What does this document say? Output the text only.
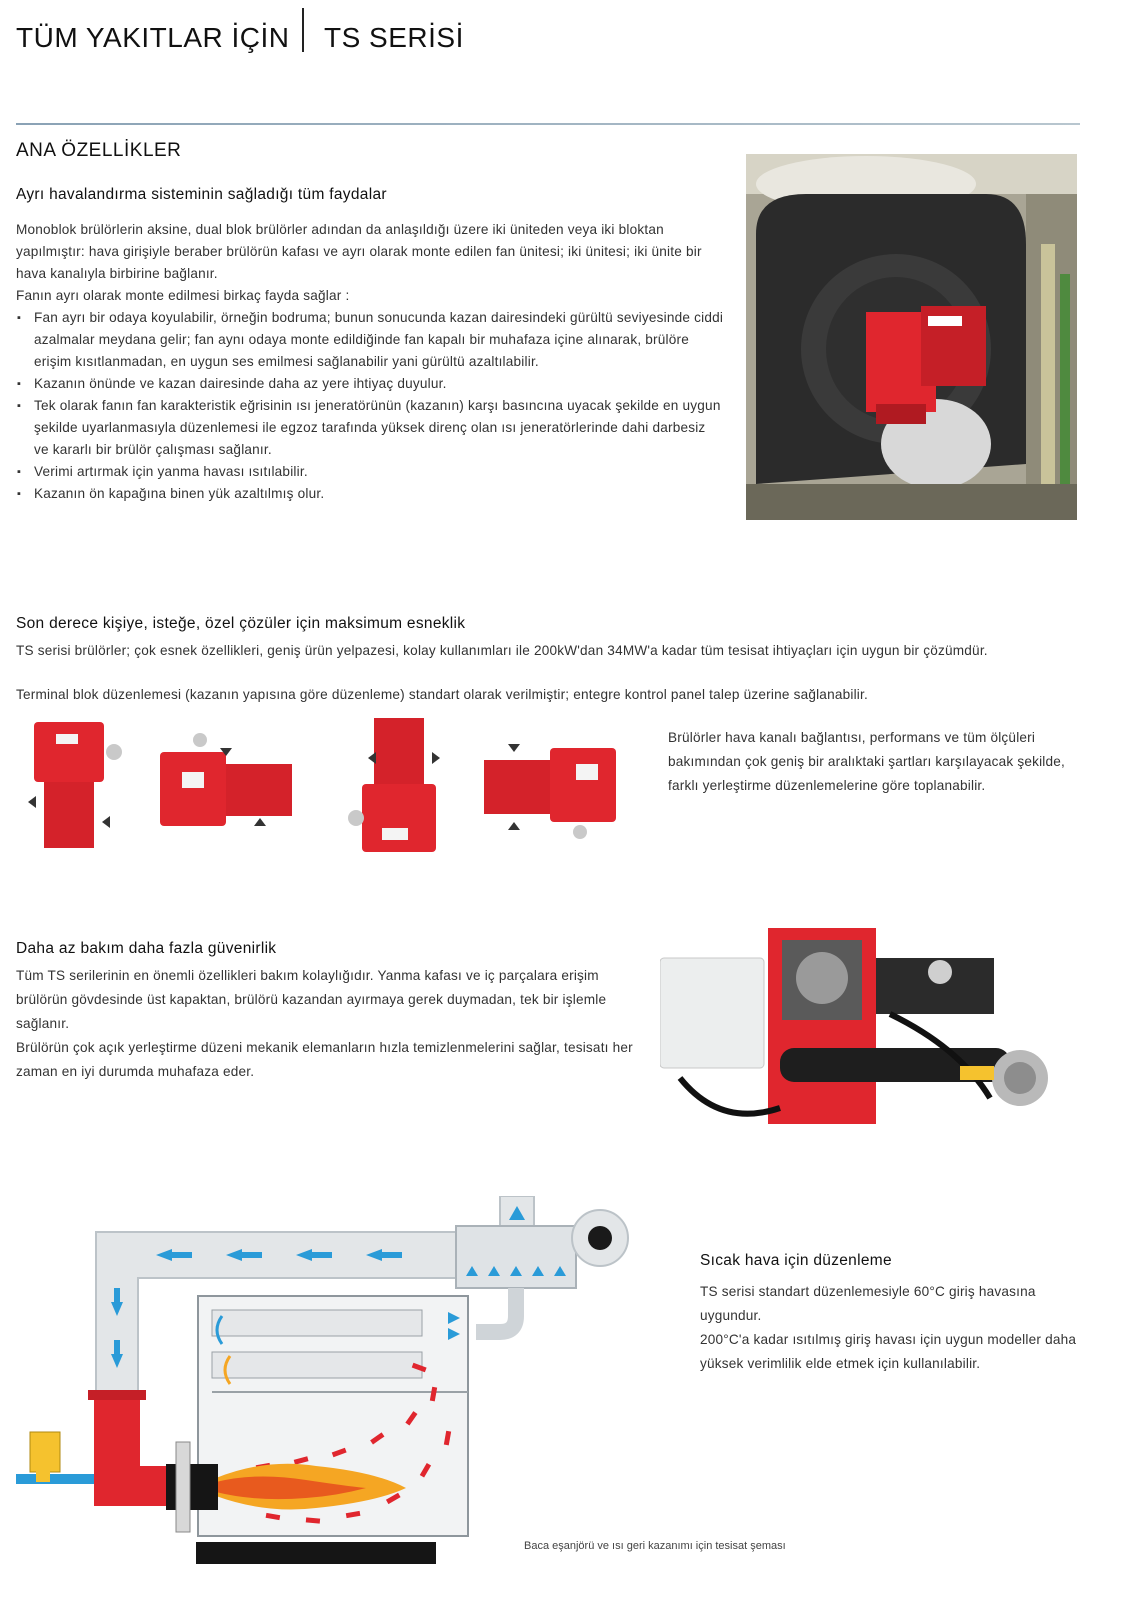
TÜM YAKITLAR İÇİN TS SERİSİ
ANA ÖZELLİKLER
Ayrı havalandırma sisteminin sağladığı tüm faydalar
Monoblok brülörlerin aksine, dual blok brülörler adından da anlaşıldığı üzere iki üniteden veya iki bloktan yapılmıştır: hava girişiyle beraber brülörün kafası ve ayrı olarak monte edilen fan ünitesi; iki ünitesi; iki ünite bir hava kanalıyla birbirine bağlanır.
Fanın ayrı olarak monte edilmesi birkaç fayda sağlar :
▪ Fan ayrı bir odaya koyulabilir, örneğin bodruma; bunun sonucunda kazan dairesindeki gürültü seviyesinde ciddi azalmalar meydana gelir; fan aynı odaya monte edildiğinde fan kapalı bir muhafaza içine alınarak, brülöre erişim kısıtlanmadan, en uygun ses emilmesi sağlanabilir yani gürültü azaltılabilir.
▪ Kazanın önünde ve kazan dairesinde daha az yere ihtiyaç duyulur.
▪ Tek olarak fanın fan karakteristik eğrisinin ısı jeneratörünün (kazanın) karşı basıncına uyacak şekilde en uygun şekilde uyarlanmasıyla düzenlemesi ile egzoz tarafında yüksek direnç olan ısı jeneratörlerinde dahi darbesiz ve kararlı bir brülör çalışması sağlanır.
▪ Verimi artırmak için yanma havası ısıtılabilir.
▪ Kazanın ön kapağına binen yük azaltılmış olur.
Son derece kişiye, isteğe, özel çözüler için maksimum esneklik
TS serisi brülörler; çok esnek özellikleri, geniş ürün yelpazesi, kolay kullanımları ile 200kW'dan 34MW'a kadar tüm tesisat ihtiyaçları için uygun bir çözümdür.
Terminal blok düzenlemesi (kazanın yapısına göre düzenleme) standart olarak verilmiştir; entegre kontrol panel talep üzerine sağlanabilir.
Brülörler hava kanalı bağlantısı, performans ve tüm ölçüleri bakımından çok geniş bir aralıktaki şartları karşılayacak şekilde, farklı yerleştirme düzenlemelerine göre toplanabilir.
Daha az bakım daha fazla güvenirlik
Tüm TS serilerinin en önemli özellikleri bakım kolaylığıdır. Yanma kafası ve iç parçalara erişim brülörün gövdesinde üst kapaktan, brülörü kazandan ayırmaya gerek duymadan, tek bir işlemle sağlanır.
Brülörün çok açık yerleştirme düzeni mekanik elemanların hızla temizlenmelerini sağlar, tesisatı her zaman en iyi durumda muhafaza eder.
Sıcak hava için düzenleme
TS serisi standart düzenlemesiyle 60°C giriş havasına uygundur.
200°C'a kadar ısıtılmış giriş havası için uygun modeller daha yüksek verimlilik elde etmek için kullanılabilir.
Baca eşanjörü ve ısı geri kazanımı için tesisat şeması
